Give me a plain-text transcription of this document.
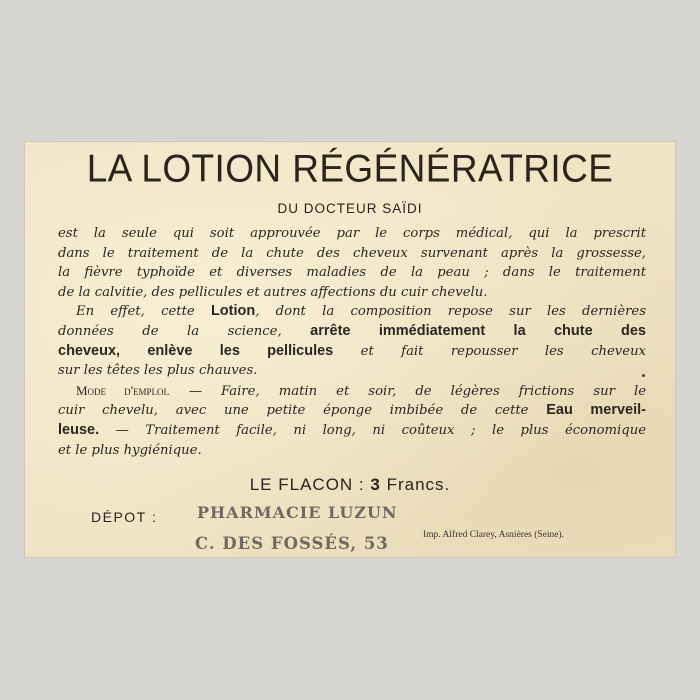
LA LOTION RÉGÉNÉRATRICE
DU DOCTEUR SAÏDI
est la seule qui soit approuvée par le corps médical, qui la prescrit
dans le traitement de la chute des cheveux survenant après la grossesse,
la fièvre typhoïde et diverses maladies de la peau ; dans le traitement
de la calvitie, des pellicules et autres affections du cuir chevelu.
En effet, cette Lotion, dont la composition repose sur les dernières
données de la science, arrête immédiatement la chute des
cheveux, enlève les pellicules et fait repousser les cheveux
sur les têtes les plus chauves.
Mode d'emploi. — Faire, matin et soir, de légères frictions sur le
cuir chevelu, avec une petite éponge imbibée de cette Eau merveil-
leuse. — Traitement facile, ni long, ni coûteux ; le plus économique
et le plus hygiénique.
LE FLACON : 3 Francs.
DÉPOT : PHARMACIE LUZUN
C. DES FOSSÉS, 53	Imp. Alfred Clarey, Asnières (Seine).
